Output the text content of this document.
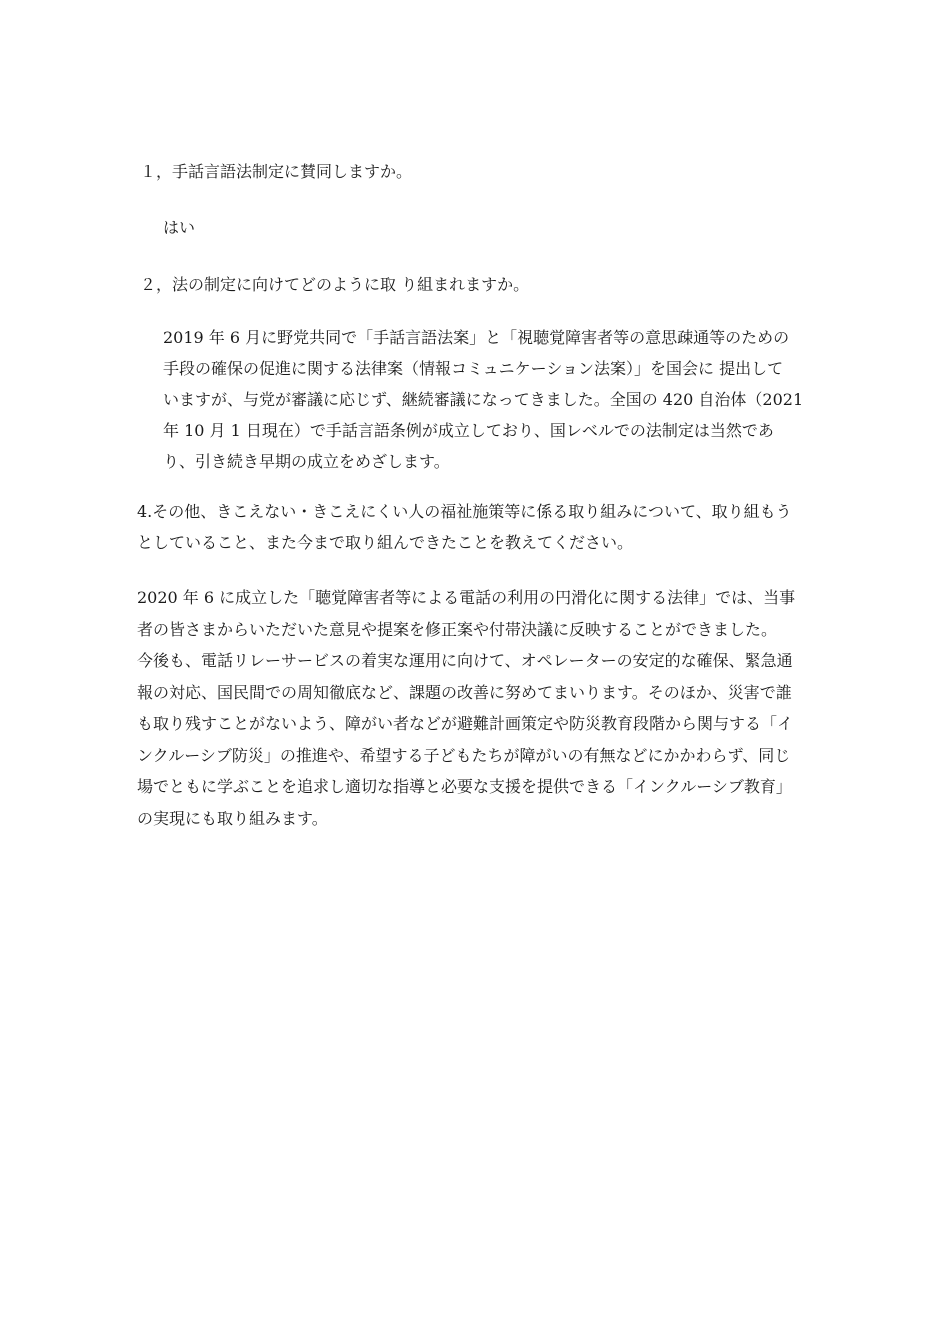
１，手話言語法制定に賛同しますか。
はい
２，法の制定に向けてどのように取 り組まれますか。
2019 年 6 月に野党共同で「手話言語法案」と「視聴覚障害者等の意思疎通等のための
手段の確保の促進に関する法律案（情報コミュニケーション法案）」を国会に 提出して
いますが、与党が審議に応じず、継続審議になってきました。全国の 420 自治体（2021
年 10 月 1 日現在）で手話言語条例が成立しており、国レベルでの法制定は当然であ
り、引き続き早期の成立をめざします。
4.その他、きこえない・きこえにくい人の福祉施策等に係る取り組みについて、取り組もう
としていること、また今まで取り組んできたことを教えてください。
2020 年 6 に成立した「聴覚障害者等による電話の利用の円滑化に関する法律」では、当事
者の皆さまからいただいた意見や提案を修正案や付帯決議に反映することができました。
今後も、電話リレーサービスの着実な運用に向けて、オペレーターの安定的な確保、緊急通
報の対応、国民間での周知徹底など、課題の改善に努めてまいります。そのほか、災害で誰
も取り残すことがないよう、障がい者などが避難計画策定や防災教育段階から関与する「イ
ンクルーシブ防災」の推進や、希望する子どもたちが障がいの有無などにかかわらず、同じ
場でともに学ぶことを追求し適切な指導と必要な支援を提供できる「インクルーシブ教育」
の実現にも取り組みます。
